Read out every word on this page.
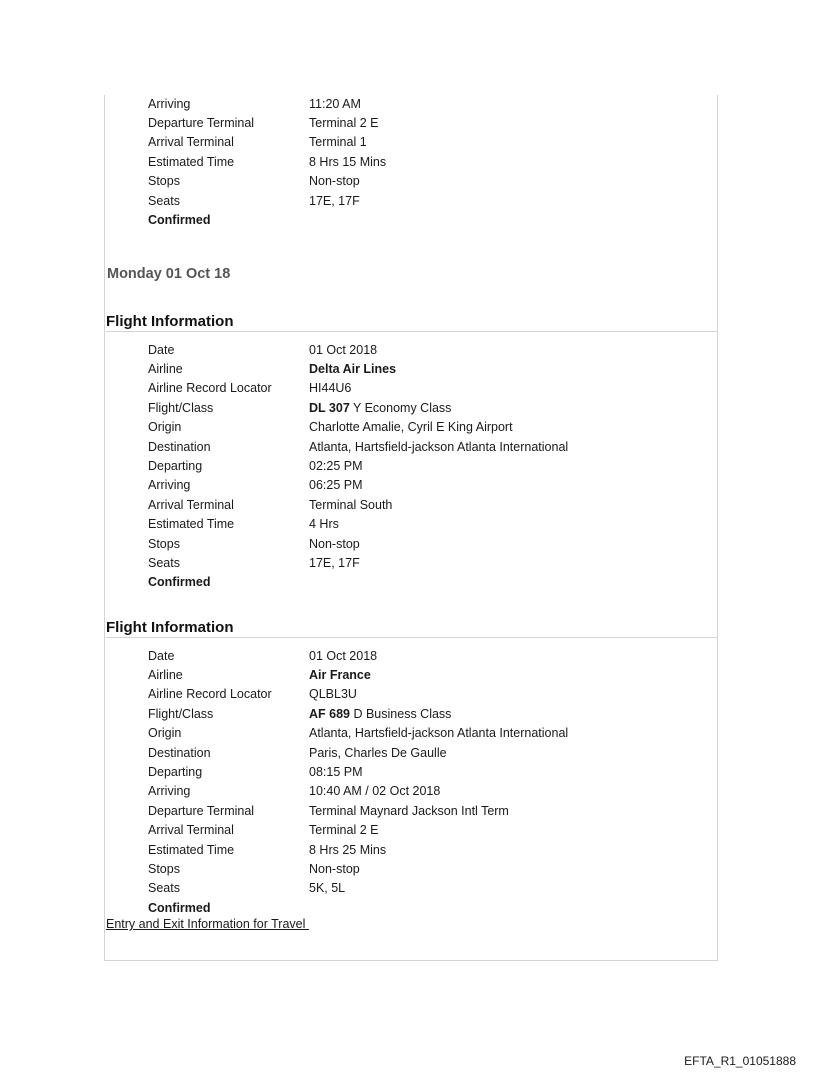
Arriving	11:20 AM
Departure Terminal	Terminal 2 E
Arrival Terminal	Terminal 1
Estimated Time	8 Hrs 15 Mins
Stops	Non-stop
Seats	17E, 17F
Confirmed
Monday 01 Oct 18
Flight Information
Date	01 Oct 2018
Airline	Delta Air Lines
Airline Record Locator	HI44U6
Flight/Class	DL 307 Y Economy Class
Origin	Charlotte Amalie, Cyril E King Airport
Destination	Atlanta, Hartsfield-jackson Atlanta International
Departing	02:25 PM
Arriving	06:25 PM
Arrival Terminal	Terminal South
Estimated Time	4 Hrs
Stops	Non-stop
Seats	17E, 17F
Confirmed
Flight Information
Date	01 Oct 2018
Airline	Air France
Airline Record Locator	QLBL3U
Flight/Class	AF 689 D Business Class
Origin	Atlanta, Hartsfield-jackson Atlanta International
Destination	Paris, Charles De Gaulle
Departing	08:15 PM
Arriving	10:40 AM / 02 Oct 2018
Departure Terminal	Terminal Maynard Jackson Intl Term
Arrival Terminal	Terminal 2 E
Estimated Time	8 Hrs 25 Mins
Stops	Non-stop
Seats	5K, 5L
Confirmed
Entry and Exit Information for Travel
EFTA_R1_01051888
